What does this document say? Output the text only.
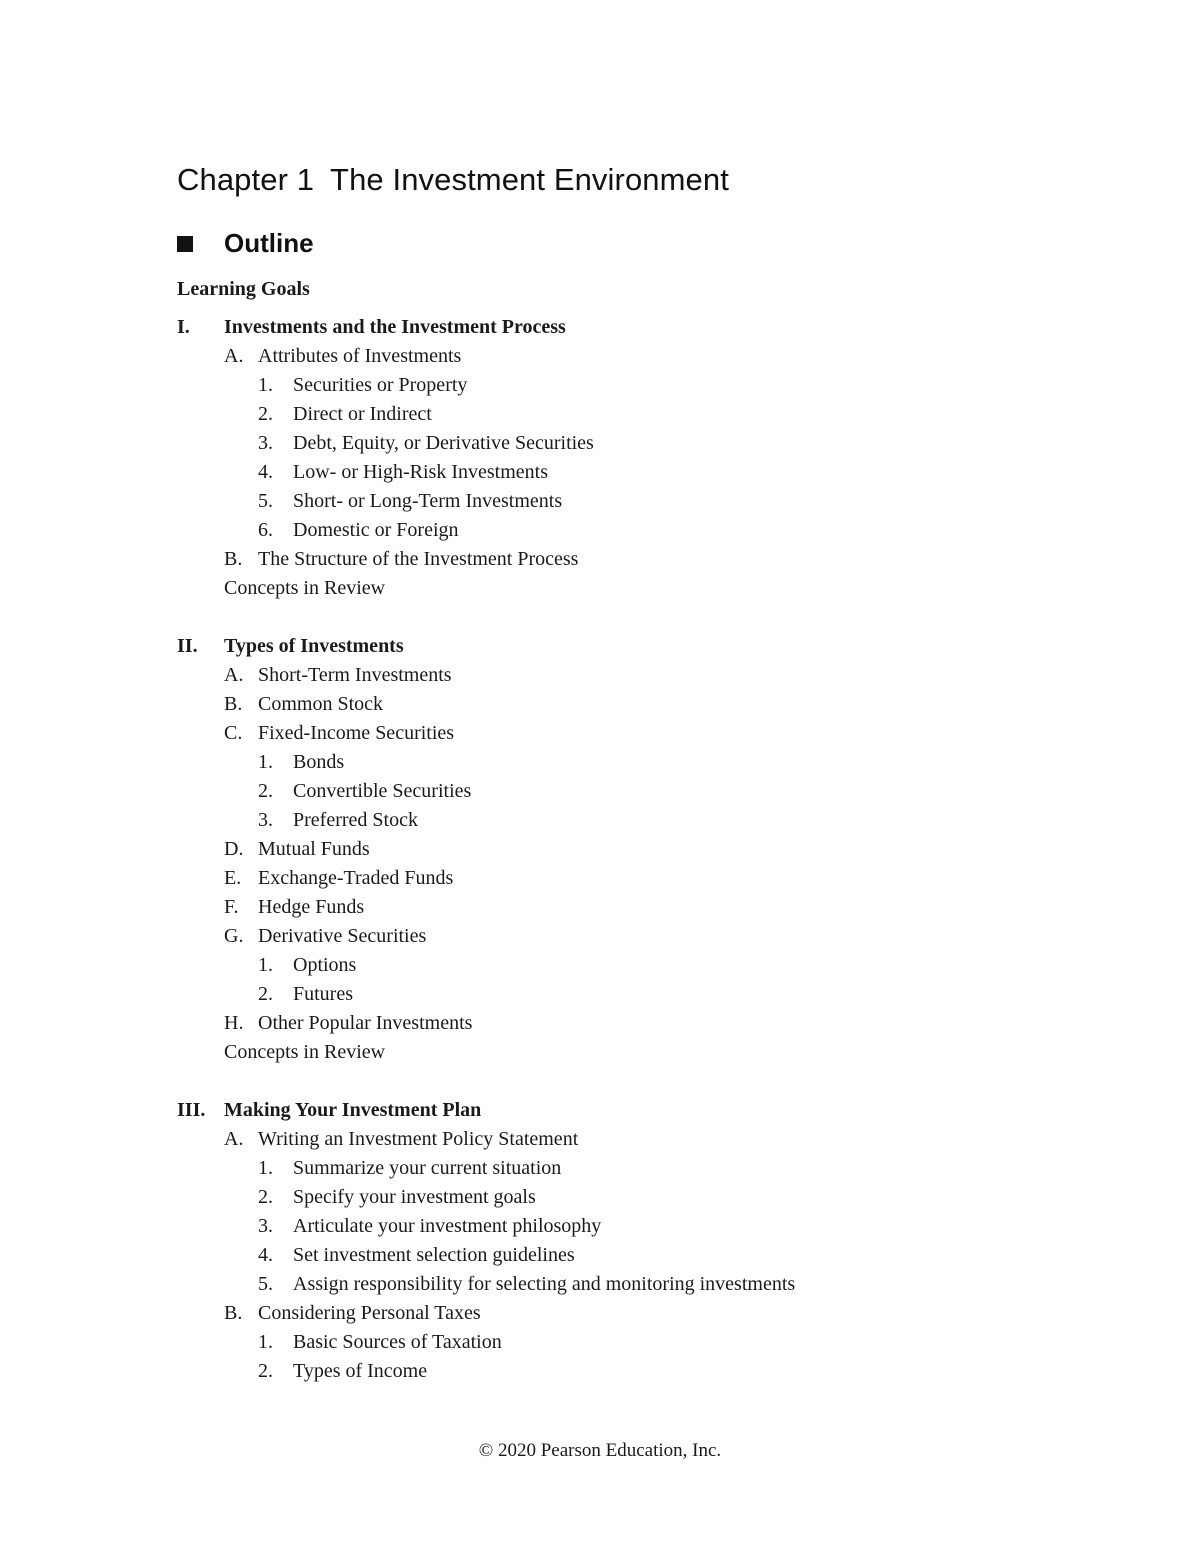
Chapter 1 The Investment Environment
Outline
Learning Goals
I. Investments and the Investment Process
A. Attributes of Investments
1. Securities or Property
2. Direct or Indirect
3. Debt, Equity, or Derivative Securities
4. Low- or High-Risk Investments
5. Short- or Long-Term Investments
6. Domestic or Foreign
B. The Structure of the Investment Process
Concepts in Review
II. Types of Investments
A. Short-Term Investments
B. Common Stock
C. Fixed-Income Securities
1. Bonds
2. Convertible Securities
3. Preferred Stock
D. Mutual Funds
E. Exchange-Traded Funds
F. Hedge Funds
G. Derivative Securities
1. Options
2. Futures
H. Other Popular Investments
Concepts in Review
III. Making Your Investment Plan
A. Writing an Investment Policy Statement
1. Summarize your current situation
2. Specify your investment goals
3. Articulate your investment philosophy
4. Set investment selection guidelines
5. Assign responsibility for selecting and monitoring investments
B. Considering Personal Taxes
1. Basic Sources of Taxation
2. Types of Income
© 2020 Pearson Education, Inc.
